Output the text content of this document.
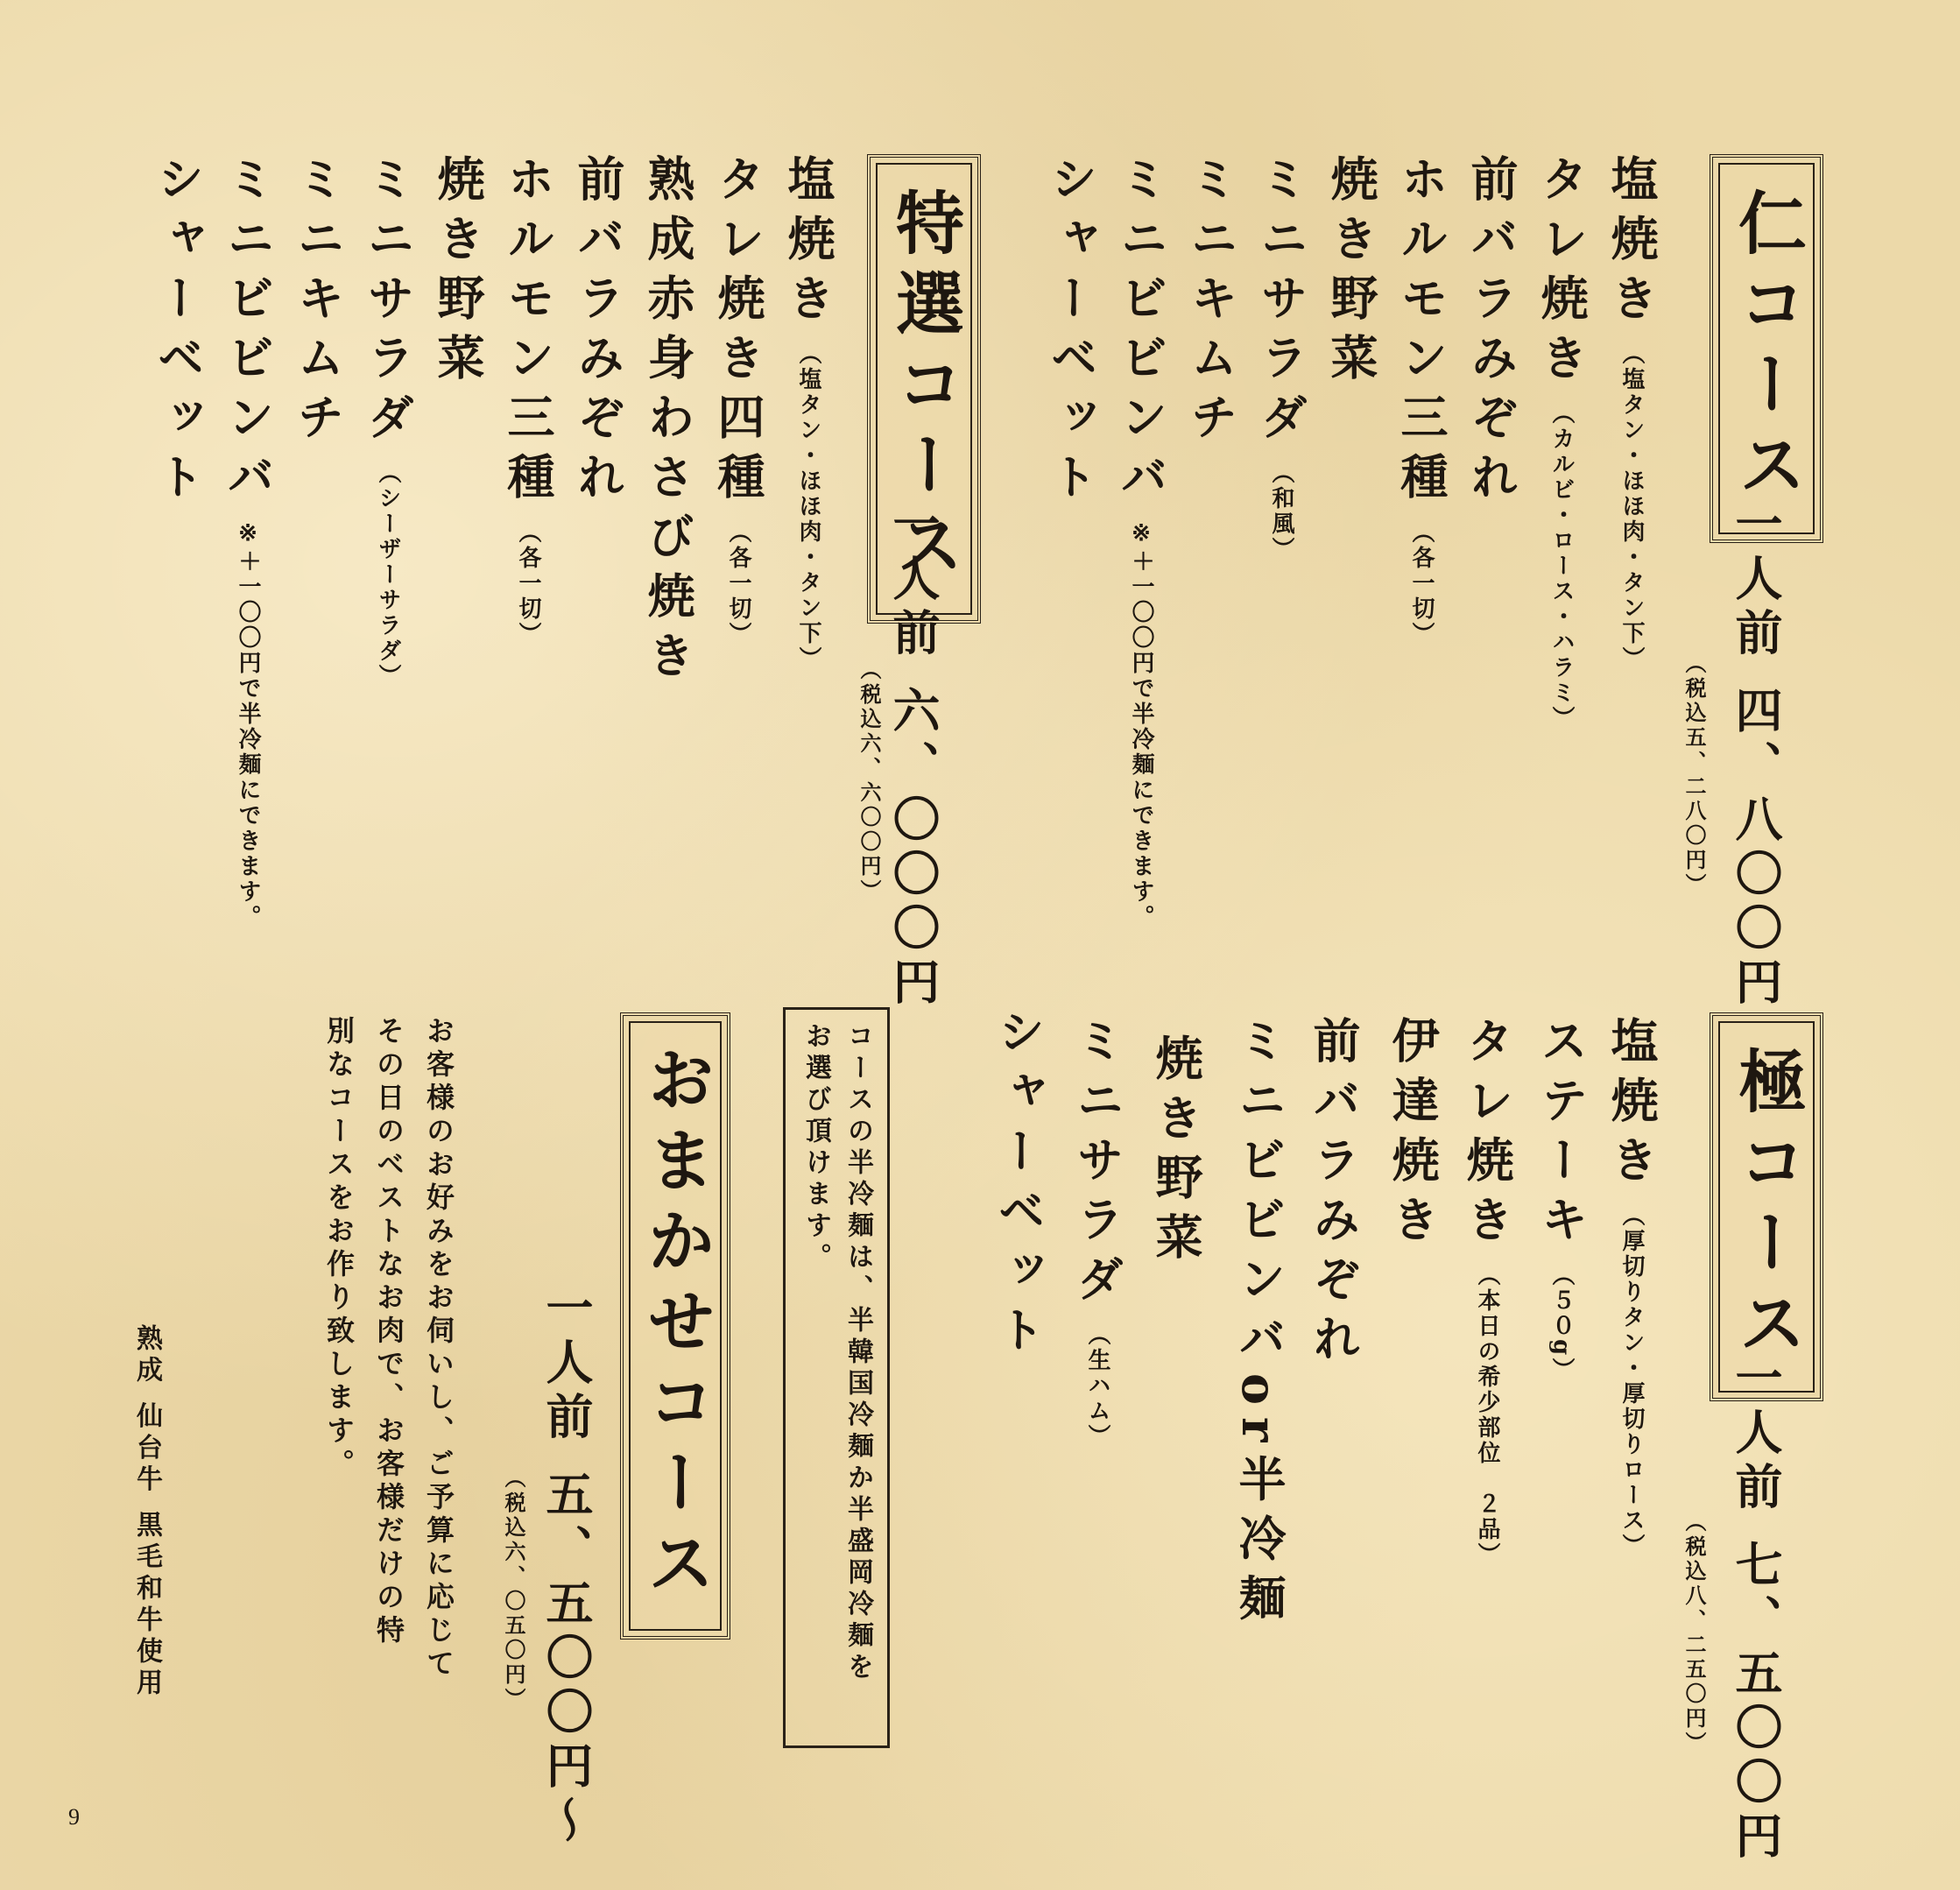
仁コース
一人前 四、八〇〇円
（税込五、二八〇円）
塩焼き（塩タン・ほほ肉・タン下）
タレ焼き（カルビ・ロース・ハラミ）
前バラみぞれ
ホルモン三種（各一切）
焼き野菜
ミニサラダ（和風）
ミニキムチ
ミニビビンバ※＋一〇〇円で半冷麺にできます。
シャーベット
特選コース
一人前 六、〇〇〇円
（税込六、六〇〇円）
塩焼き（塩タン・ほほ肉・タン下）
タレ焼き四種（各一切）
熟成赤身わさび焼き
前バラみぞれ
ホルモン三種（各一切）
焼き野菜
ミニサラダ（シーザーサラダ）
ミニキムチ
ミニビビンバ※＋一〇〇円で半冷麺にできます。
シャーベット
極コース
一人前 七、五〇〇円
（税込八、二五〇円）
塩焼き（厚切りタン・厚切りロース）
ステーキ（５０g）
タレ焼き（本日の希少部位　２品）
伊達焼き
前バラみぞれ
ミニビビンバor半冷麺
焼き野菜
ミニサラダ（生ハム）
シャーベット
コースの半冷麺は、半韓国冷麺か半盛岡冷麺を
お選び頂けます。
おまかせコース
一人前 五、五〇〇円〜
（税込六、〇五〇円）
お客様のお好みをお伺いし、ご予算に応じて
その日のベストなお肉で、お客様だけの特
別なコースをお作り致します。
熟成 仙台牛 黒毛和牛使用
9
